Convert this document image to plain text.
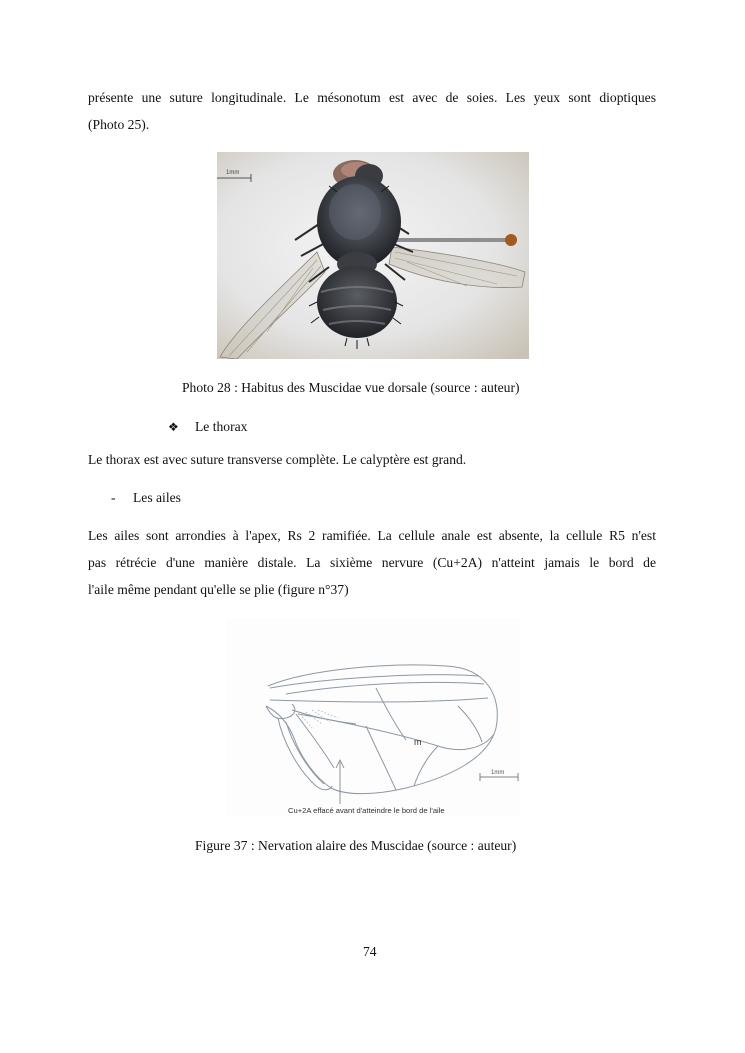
présente une suture longitudinale. Le mésonotum est avec de soies. Les yeux sont dioptiques
(Photo 25).
1mm
Photo 28 : Habitus des Muscidae vue dorsale (source : auteur)
❖ Le thorax
Le thorax est avec suture transverse complète. Le calyptère est grand.
- Les ailes
Les ailes sont arrondies à l'apex, Rs 2 ramifiée. La cellule anale est absente, la cellule R5 n'est
pas rétrécie d'une manière distale. La sixième nervure (Cu+2A) n'atteint jamais le bord de
l'aile même pendant qu'elle se plie (figure n°37)
1mm
m
Cu+2A effacé avant d'atteindre le bord de l'aile
Figure 37 : Nervation alaire des Muscidae (source : auteur)
74
